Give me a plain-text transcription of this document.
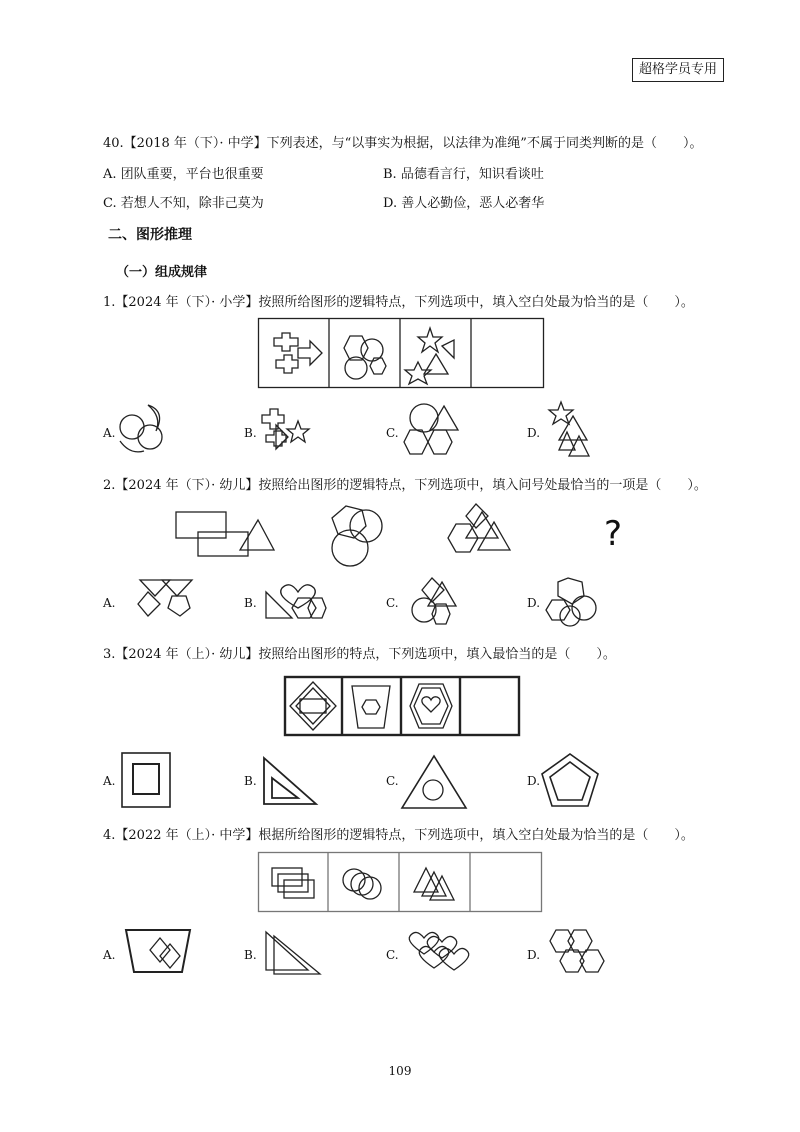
超格学员专用
40.【2018 年（下）· 中学】下列表述，与“以事实为根据，以法律为准绳”不属于同类判断的是（　　）。
A. 团队重要，平台也很重要	B. 品德看言行，知识看谈吐
C. 若想人不知，除非己莫为	D. 善人必勤俭，恶人必奢华
二、图形推理
（一）组成规律
1.【2024 年（下）· 小学】按照所给图形的逻辑特点，下列选项中，填入空白处最为恰当的是（　　）。
A.	B.	C.	D.
2.【2024 年（下）· 幼儿】按照给出图形的逻辑特点，下列选项中，填入问号处最恰当的一项是（　　）。
?
A.	B.	C.	D.
3.【2024 年（上）· 幼儿】按照给出图形的特点，下列选项中，填入最恰当的是（　　）。
A.	B.	C.	D.
4.【2022 年（上）· 中学】根据所给图形的逻辑特点，下列选项中，填入空白处最为恰当的是（　　）。
A.	B.	C.	D.
109
